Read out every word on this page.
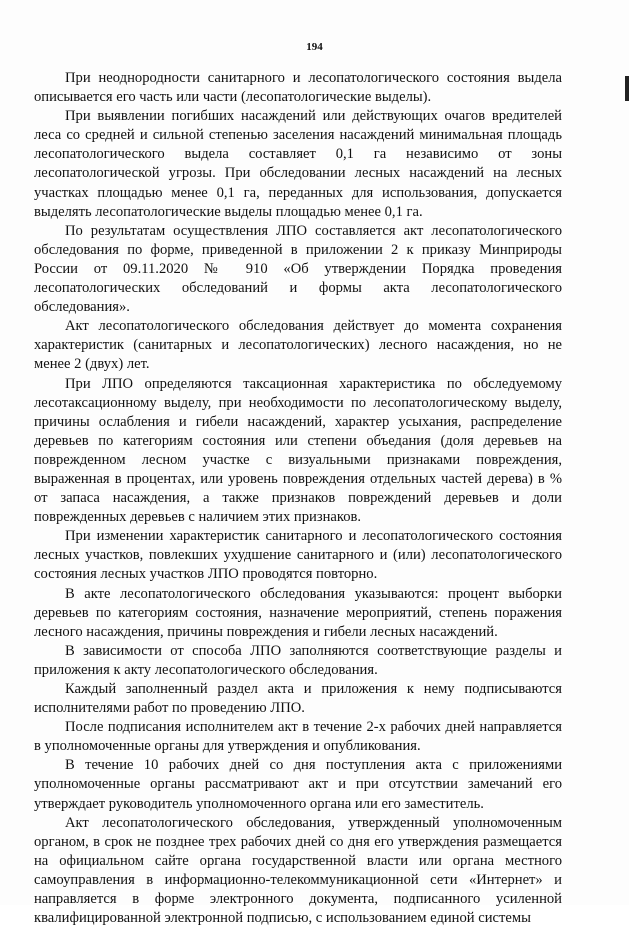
194

При неоднородности санитарного и лесопатологического состояния выдела описывается его часть или части (лесопатологические выделы).

При выявлении погибших насаждений или действующих очагов вредителей леса со средней и сильной степенью заселения насаждений минимальная площадь лесопатологического выдела составляет 0,1 га независимо от зоны лесопатологической угрозы. При обследовании лесных насаждений на лесных участках площадью менее 0,1 га, переданных для использования, допускается выделять лесопатологические выделы площадью менее 0,1 га.

По результатам осуществления ЛПО составляется акт лесопатологического обследования по форме, приведенной в приложении 2 к приказу Минприроды России от 09.11.2020 № 910 «Об утверждении Порядка проведения лесопатологических обследований и формы акта лесопатологического обследования».

Акт лесопатологического обследования действует до момента сохранения характеристик (санитарных и лесопатологических) лесного насаждения, но не менее 2 (двух) лет.

При ЛПО определяются таксационная характеристика по обследуемому лесотаксационному выделу, при необходимости по лесопатологическому выделу, причины ослабления и гибели насаждений, характер усыхания, распределение деревьев по категориям состояния или степени объедания (доля деревьев на поврежденном лесном участке с визуальными признаками повреждения, выраженная в процентах, или уровень повреждения отдельных частей дерева) в % от запаса насаждения, а также признаков повреждений деревьев и доли поврежденных деревьев с наличием этих признаков.

При изменении характеристик санитарного и лесопатологического состояния лесных участков, повлекших ухудшение санитарного и (или) лесопатологического состояния лесных участков ЛПО проводятся повторно.

В акте лесопатологического обследования указываются: процент выборки деревьев по категориям состояния, назначение мероприятий, степень поражения лесного насаждения, причины повреждения и гибели лесных насаждений.

В зависимости от способа ЛПО заполняются соответствующие разделы и приложения к акту лесопатологического обследования.

Каждый заполненный раздел акта и приложения к нему подписываются исполнителями работ по проведению ЛПО.

После подписания исполнителем акт в течение 2-х рабочих дней направляется в уполномоченные органы для утверждения и опубликования.

В течение 10 рабочих дней со дня поступления акта с приложениями уполномоченные органы рассматривают акт и при отсутствии замечаний его утверждает руководитель уполномоченного органа или его заместитель.

Акт лесопатологического обследования, утвержденный уполномоченным органом, в срок не позднее трех рабочих дней со дня его утверждения размещается на официальном сайте органа государственной власти или органа местного самоуправления в информационно-телекоммуникационной сети «Интернет» и направляется в форме электронного документа, подписанного усиленной квалифицированной электронной подписью, с использованием единой системы
